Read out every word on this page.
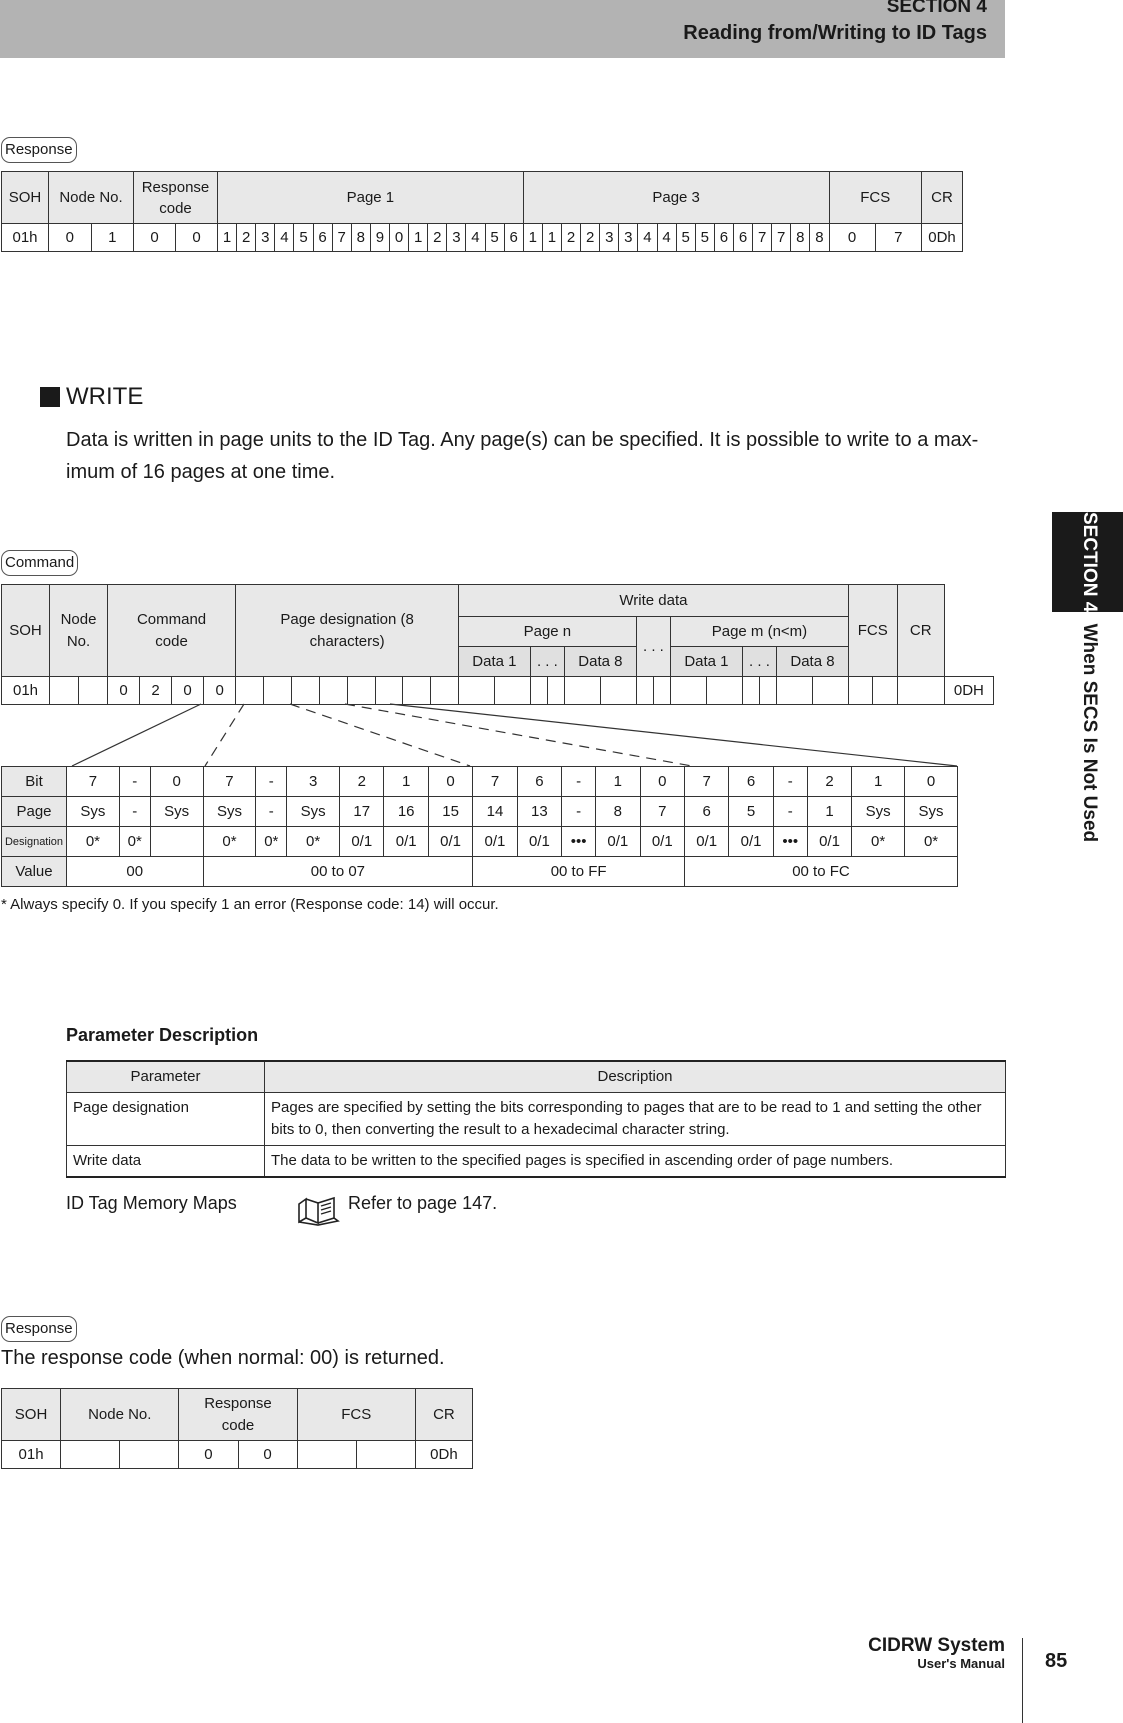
SECTION 4
Reading from/Writing to ID Tags
SECTION 4 When SECS Is Not Used
Response
SOH	Node No.		Response code		Page 1																Page 3																FCS		CR
01h	0	1	0	0	1	2	3	4	5	6	7	8	9	0	1	2	3	4	5	6	1	1	2	2	3	3	4	4	5	5	6	6	7	7	8	8	0	7	0Dh
WRITE
Data is written in page units to the ID Tag. Any page(s) can be specified. It is possible to write to a max-
imum of 16 pages at one time.
Command
SOH	Node No.		Command code				Page designation (8 characters)								Write data														FCS		CR	
															Page n						. . .		Page m (n<m)									
															Data 1		. . .		Data 8				Data 1		. . .		Data 8					
01h			0	2	0	0																										0DH
Bit	7	-	0	7	-	3	2	1	0	7	6	-	1	0	7	6	-	2	1	0
Page	Sys	-	Sys	Sys	-	Sys	17	16	15	14	13	-	8	7	6	5	-	1	Sys	Sys
Designation	0*	0*		0*	0*	0*	0/1	0/1	0/1	0/1	0/1	•••	0/1	0/1	0/1	0/1	•••	0/1	0*	0*
Value	00			00 to 07						00 to FF					00 to FC					
* Always specify 0. If you specify 1 an error (Response code: 14) will occur.
Parameter Description
Parameter	Description
Page designation	Pages are specified by setting the bits corresponding to pages that are to be read to 1 and setting the other bits to 0, then converting the result to a hexadecimal character string.
Write data	The data to be written to the specified pages is specified in ascending order of page numbers.
ID Tag Memory Maps	Refer to page 147.
Response
The response code (when normal: 00) is returned.
SOH	Node No.		Response code		FCS		CR
01h			0	0			0Dh
CIDRW System
User's Manual 85
